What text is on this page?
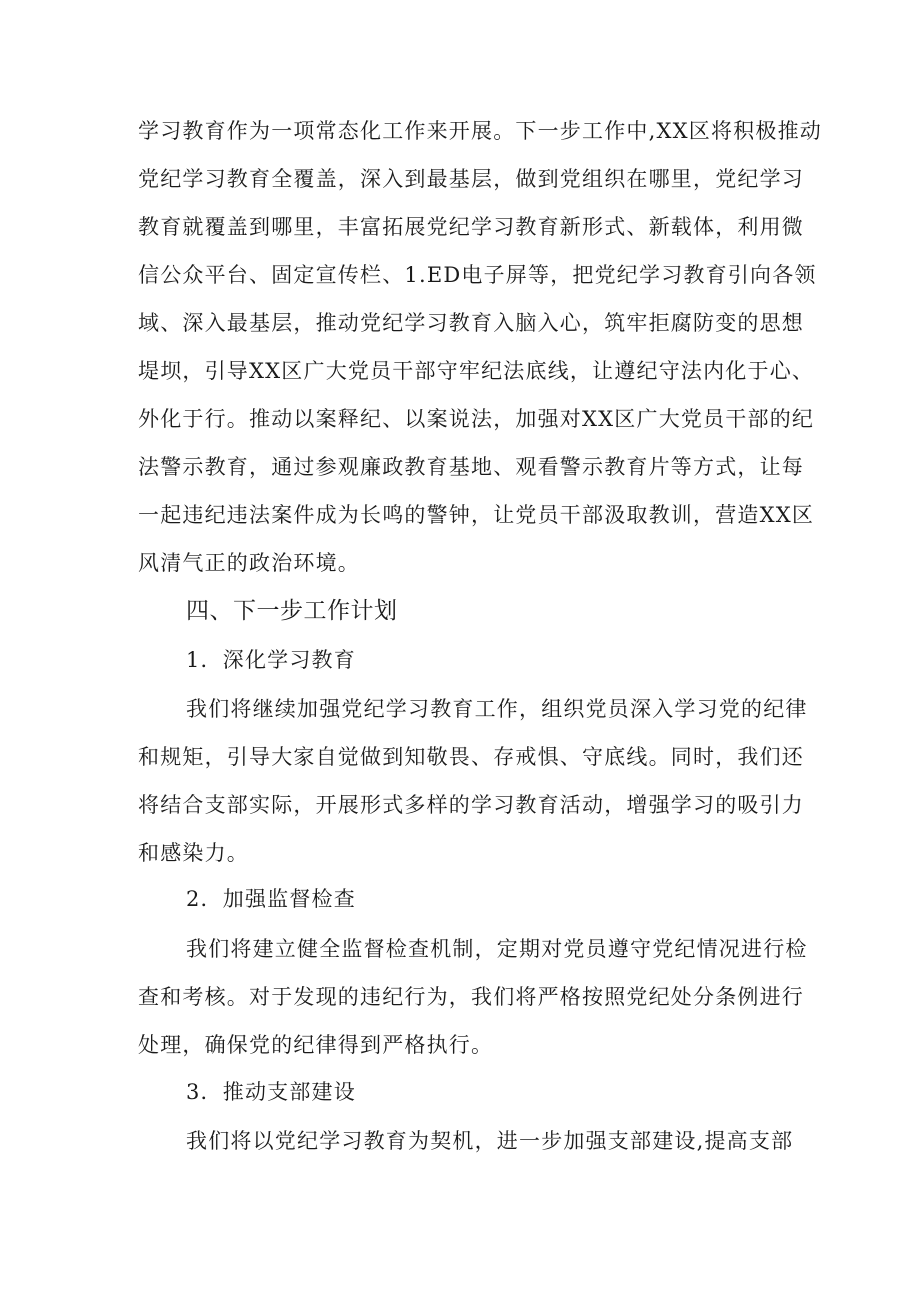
学习教育作为一项常态化工作来开展。下一步工作中,XX区将积极推动
党纪学习教育全覆盖，深入到最基层，做到党组织在哪里，党纪学习
教育就覆盖到哪里，丰富拓展党纪学习教育新形式、新载体，利用微
信公众平台、固定宣传栏、1.ED电子屏等，把党纪学习教育引向各领
域、深入最基层，推动党纪学习教育入脑入心，筑牢拒腐防变的思想
堤坝，引导XX区广大党员干部守牢纪法底线，让遵纪守法内化于心、
外化于行。推动以案释纪、以案说法，加强对XX区广大党员干部的纪
法警示教育，通过参观廉政教育基地、观看警示教育片等方式，让每
一起违纪违法案件成为长鸣的警钟，让党员干部汲取教训，营造XX区
风清气正的政治环境。
四、下一步工作计划
1．深化学习教育
我们将继续加强党纪学习教育工作，组织党员深入学习党的纪律
和规矩，引导大家自觉做到知敬畏、存戒惧、守底线。同时，我们还
将结合支部实际，开展形式多样的学习教育活动，增强学习的吸引力
和感染力。
2．加强监督检查
我们将建立健全监督检查机制，定期对党员遵守党纪情况进行检
查和考核。对于发现的违纪行为，我们将严格按照党纪处分条例进行
处理，确保党的纪律得到严格执行。
3．推动支部建设
我们将以党纪学习教育为契机，进一步加强支部建设,提高支部
